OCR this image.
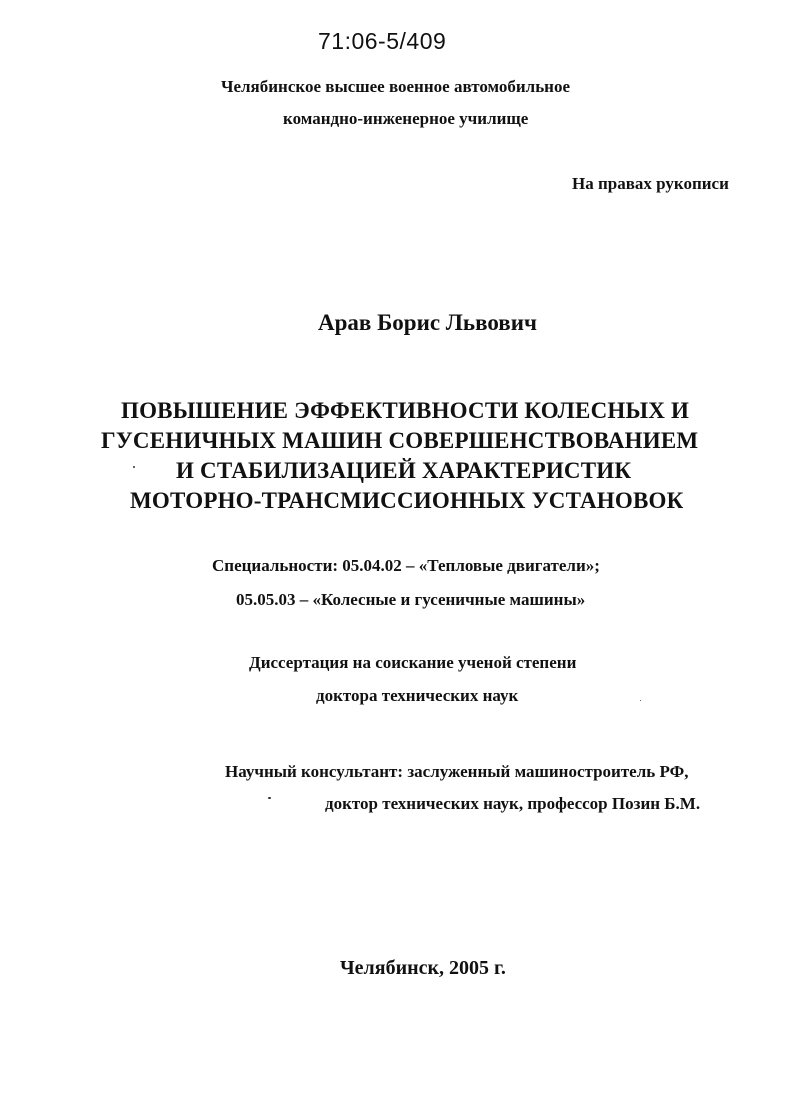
71:06-5/409
Челябинское высшее военное автомобильное
командно-инженерное училище
На правах рукописи
Арав Борис Львович
ПОВЫШЕНИЕ ЭФФЕКТИВНОСТИ КОЛЕСНЫХ И
ГУСЕНИЧНЫХ МАШИН СОВЕРШЕНСТВОВАНИЕМ
И СТАБИЛИЗАЦИЕЙ ХАРАКТЕРИСТИК
МОТОРНО-ТРАНСМИССИОННЫХ УСТАНОВОК
Специальности: 05.04.02 – «Тепловые двигатели»;
05.05.03 – «Колесные и гусеничные машины»
Диссертация на соискание ученой степени
доктора технических наук
Научный консультант: заслуженный машиностроитель РФ,
доктор технических наук, профессор Позин Б.М.
Челябинск, 2005 г.
